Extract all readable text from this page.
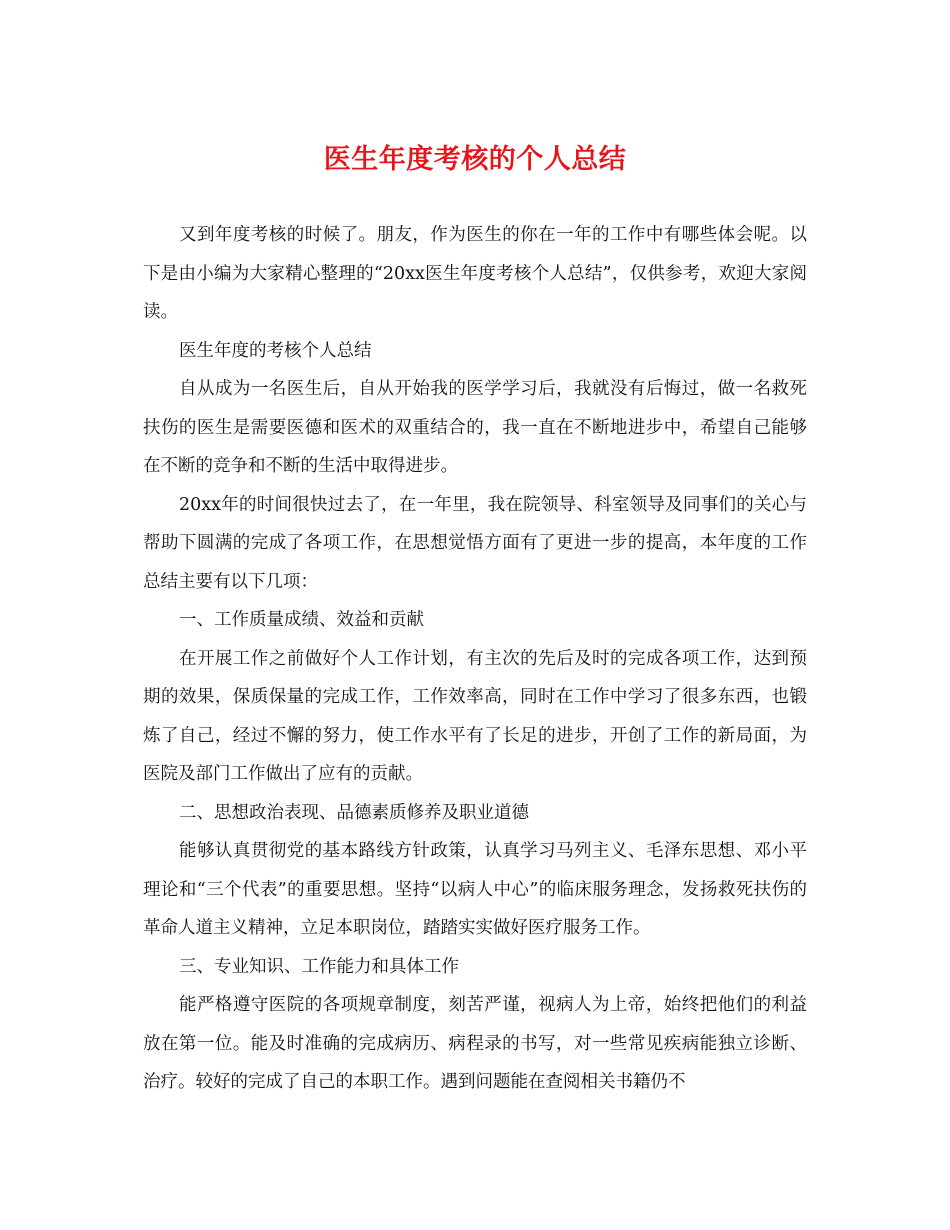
医生年度考核的个人总结

又到年度考核的时候了。朋友，作为医生的你在一年的工作中有哪些体会呢。以下是由小编为大家精心整理的“20xx医生年度考核个人总结”，仅供参考，欢迎大家阅读。

医生年度的考核个人总结

自从成为一名医生后，自从开始我的医学学习后，我就没有后悔过，做一名救死扶伤的医生是需要医德和医术的双重结合的，我一直在不断地进步中，希望自己能够在不断的竞争和不断的生活中取得进步。

20xx年的时间很快过去了，在一年里，我在院领导、科室领导及同事们的关心与帮助下圆满的完成了各项工作，在思想觉悟方面有了更进一步的提高，本年度的工作总结主要有以下几项：

一、工作质量成绩、效益和贡献

在开展工作之前做好个人工作计划，有主次的先后及时的完成各项工作，达到预期的效果，保质保量的完成工作，工作效率高，同时在工作中学习了很多东西，也锻炼了自己，经过不懈的努力，使工作水平有了长足的进步，开创了工作的新局面，为医院及部门工作做出了应有的贡献。

二、思想政治表现、品德素质修养及职业道德

能够认真贯彻党的基本路线方针政策，认真学习马列主义、毛泽东思想、邓小平理论和“三个代表”的重要思想。坚持“以病人中心”的临床服务理念，发扬救死扶伤的革命人道主义精神，立足本职岗位，踏踏实实做好医疗服务工作。

三、专业知识、工作能力和具体工作

能严格遵守医院的各项规章制度，刻苦严谨，视病人为上帝，始终把他们的利益放在第一位。能及时准确的完成病历、病程录的书写，对一些常见疾病能独立诊断、治疗。较好的完成了自己的本职工作。遇到问题能在查阅相关书籍仍不
